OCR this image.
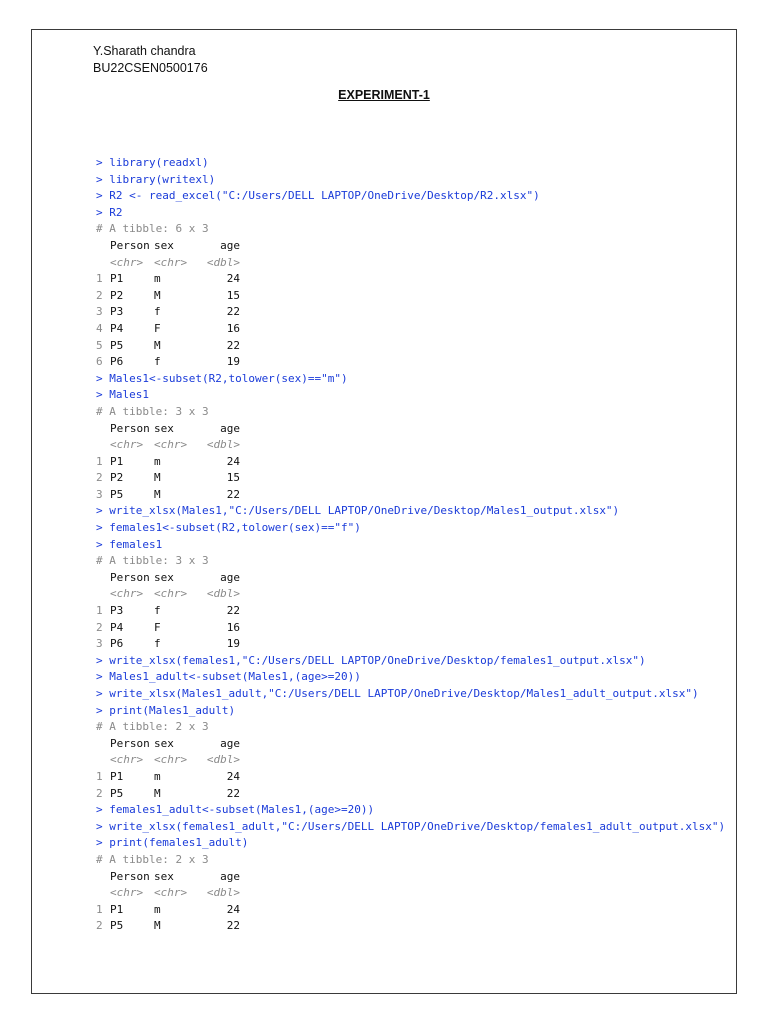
Y.Sharath chandra
BU22CSEN0500176
EXPERIMENT-1
> library(readxl)
> library(writexl)
> R2 <- read_excel("C:/Users/DELL LAPTOP/OneDrive/Desktop/R2.xlsx")
> R2
# A tibble: 6 x 3
Person sex	age
<chr> <chr> <dbl>
1 P1	m	24
2 P2	M	15
3 P3	f	22
4 P4	F	16
5 P5	M	22
6 P6	f	19
> Males1<-subset(R2,tolower(sex)=="m")
> Males1
# A tibble: 3 x 3
Person sex	age
<chr> <chr> <dbl>
1 P1	m	24
2 P2	M	15
3 P5	M	22
> write_xlsx(Males1,"C:/Users/DELL LAPTOP/OneDrive/Desktop/Males1_output.xlsx")
> females1<-subset(R2,tolower(sex)=="f")
> females1
# A tibble: 3 x 3
Person sex	age
<chr> <chr> <dbl>
1 P3	f	22
2 P4	F	16
3 P6	f	19
> write_xlsx(females1,"C:/Users/DELL LAPTOP/OneDrive/Desktop/females1_output.xlsx")
> Males1_adult<-subset(Males1,(age>=20))
> write_xlsx(Males1_adult,"C:/Users/DELL LAPTOP/OneDrive/Desktop/Males1_adult_output.xlsx")
> print(Males1_adult)
# A tibble: 2 x 3
Person sex	age
<chr> <chr> <dbl>
1 P1	m	24
2 P5	M	22
> females1_adult<-subset(Males1,(age>=20))
> write_xlsx(females1_adult,"C:/Users/DELL LAPTOP/OneDrive/Desktop/females1_adult_output.xlsx")
> print(females1_adult)
# A tibble: 2 x 3
Person sex	age
<chr> <chr> <dbl>
1 P1	m	24
2 P5	M	22
